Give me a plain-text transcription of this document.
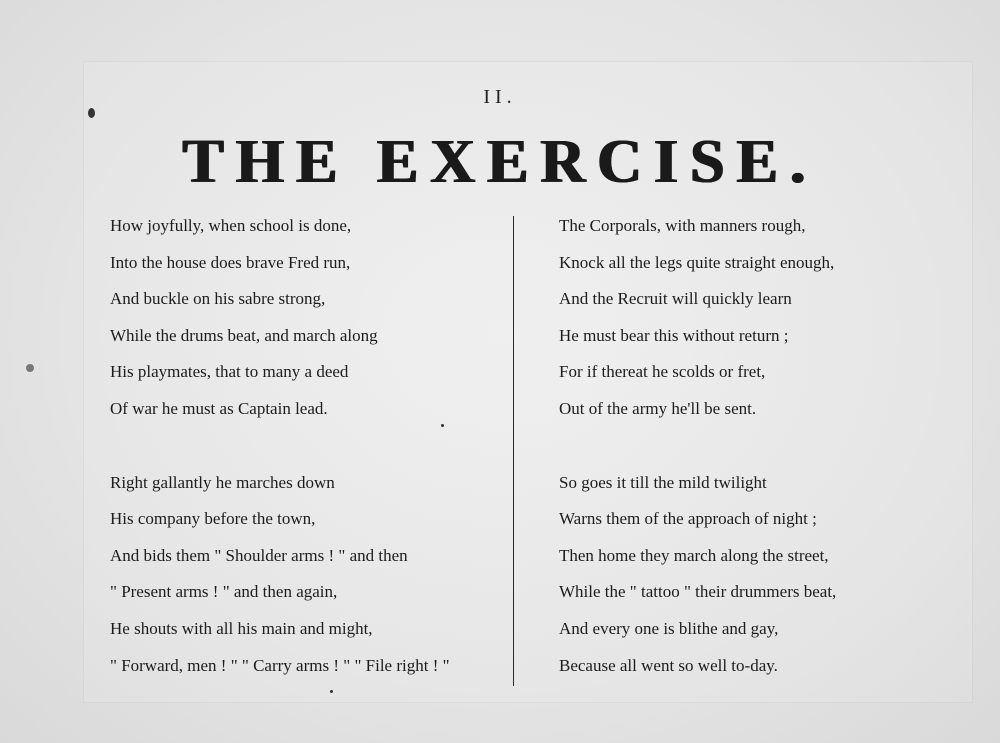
II.
THE EXERCISE.
How joyfully, when school is done,
Into the house does brave Fred run,
And buckle on his sabre strong,
While the drums beat, and march along
His playmates, that to many a deed
Of war he must as Captain lead.
Right gallantly he marches down
His company before the town,
And bids them " Shoulder arms ! " and then
" Present arms ! " and then again,
He shouts with all his main and might,
" Forward, men ! " " Carry arms ! " " File right ! "
The Corporals, with manners rough,
Knock all the legs quite straight enough,
And the Recruit will quickly learn
He must bear this without return ;
For if thereat he scolds or fret,
Out of the army he'll be sent.
So goes it till the mild twilight
Warns them of the approach of night ;
Then home they march along the street,
While the " tattoo " their drummers beat,
And every one is blithe and gay,
Because all went so well to-day.
